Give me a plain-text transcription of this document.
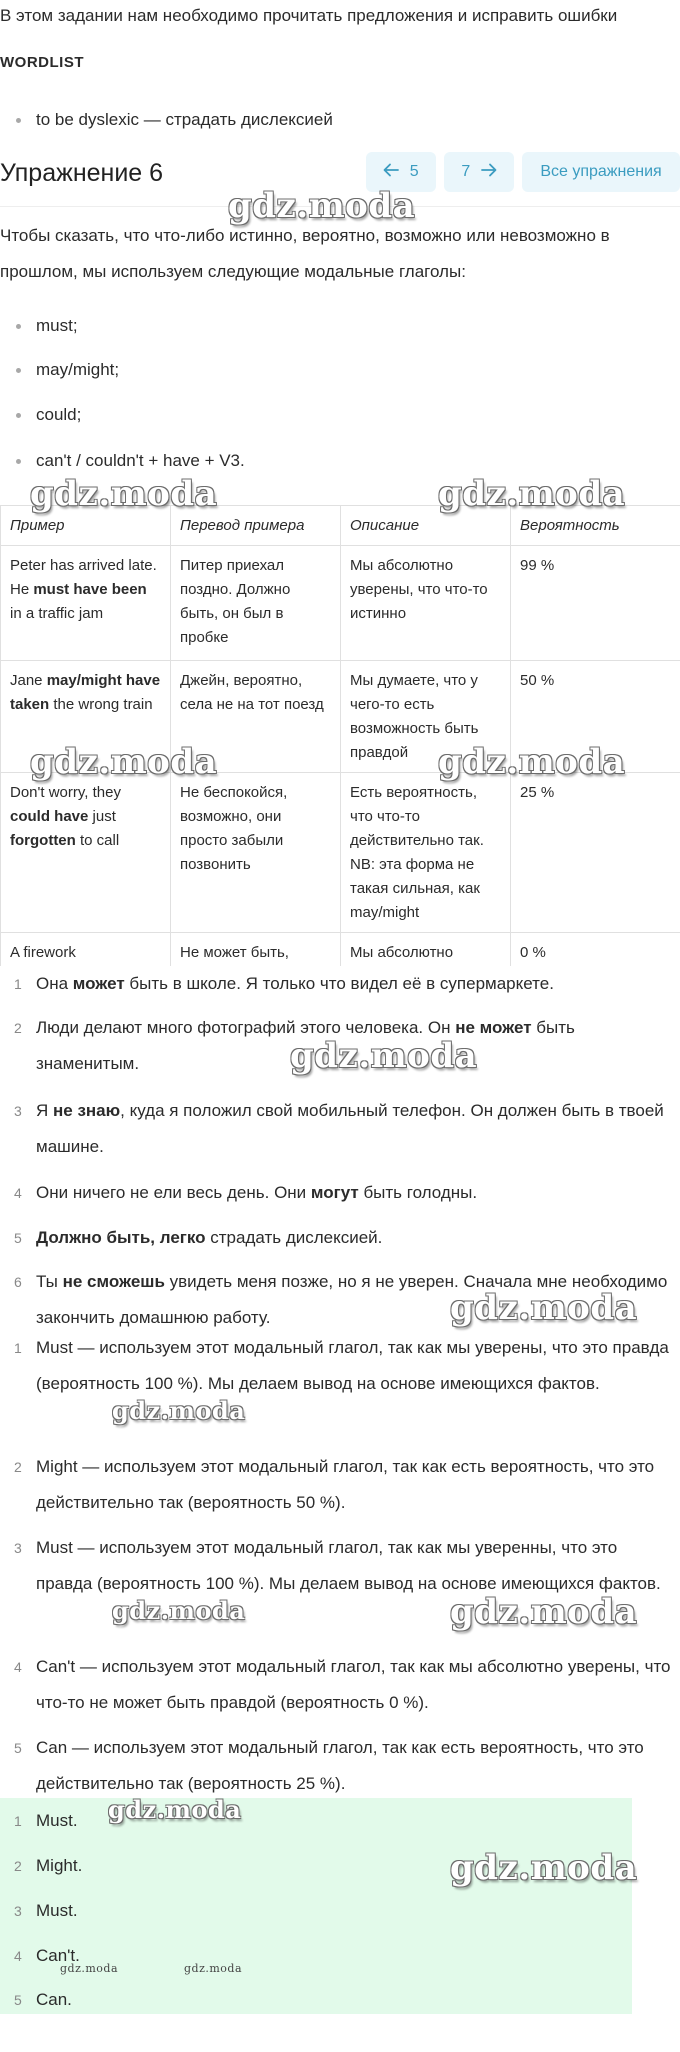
В этом задании нам необходимо прочитать предложения и исправить ошибки
WORDLIST
to be dyslexic — страдать дислексией
Упражнение 6	5	7	Все упражнения
Чтобы сказать, что что-либо истинно, вероятно, возможно или невозможно в
прошлом, мы используем следующие модальные глаголы:
must;
may/might;
could;
can't / couldn't + have + V3.
Пример	Перевод примера	Описание	Вероятность
Peter has arrived late. He must have been in a traffic jam	Питер приехал поздно. Должно быть, он был в пробке	Мы абсолютно уверены, что что-то истинно	99 %
Jane may/might have taken the wrong train	Джейн, вероятно, села не на тот поезд	Мы думаете, что у чего-то есть возможность быть правдой	50 %
Don't worry, they could have just forgotten to call	Не беспокойся, возможно, они просто забыли позвонить	Есть вероятность, что что-то действительно так. NB: эта форма не такая сильная, как may/might	25 %
A firework	Не может быть,	Мы абсолютно	0 %
1 Она может быть в школе. Я только что видел её в супермаркете.
2 Люди делают много фотографий этого человека. Он не может быть знаменитым.
3 Я не знаю, куда я положил свой мобильный телефон. Он должен быть в твоей машине.
4 Они ничего не ели весь день. Они могут быть голодны.
5 Должно быть, легко страдать дислексией.
6 Ты не сможешь увидеть меня позже, но я не уверен. Сначала мне необходимо закончить домашнюю работу.
1 Must — используем этот модальный глагол, так как мы уверены, что это правда (вероятность 100 %). Мы делаем вывод на основе имеющихся фактов.
2 Might — используем этот модальный глагол, так как есть вероятность, что это действительно так (вероятность 50 %).
3 Must — используем этот модальный глагол, так как мы уверенны, что это правда (вероятность 100 %). Мы делаем вывод на основе имеющихся фактов.
4 Can't — используем этот модальный глагол, так как мы абсолютно уверены, что что-то не может быть правдой (вероятность 0 %).
5 Can — используем этот модальный глагол, так как есть вероятность, что это действительно так (вероятность 25 %).
1 Must.
2 Might.
3 Must.
4 Can't.
5 Can.
gdz.moda
gdz.moda	gdz.moda
gdz.moda	gdz.moda
gdz.moda
gdz.moda
gdz.moda
gdz.moda	gdz.moda
gdz.moda
gdz.moda
gdz.moda	gdz.moda
